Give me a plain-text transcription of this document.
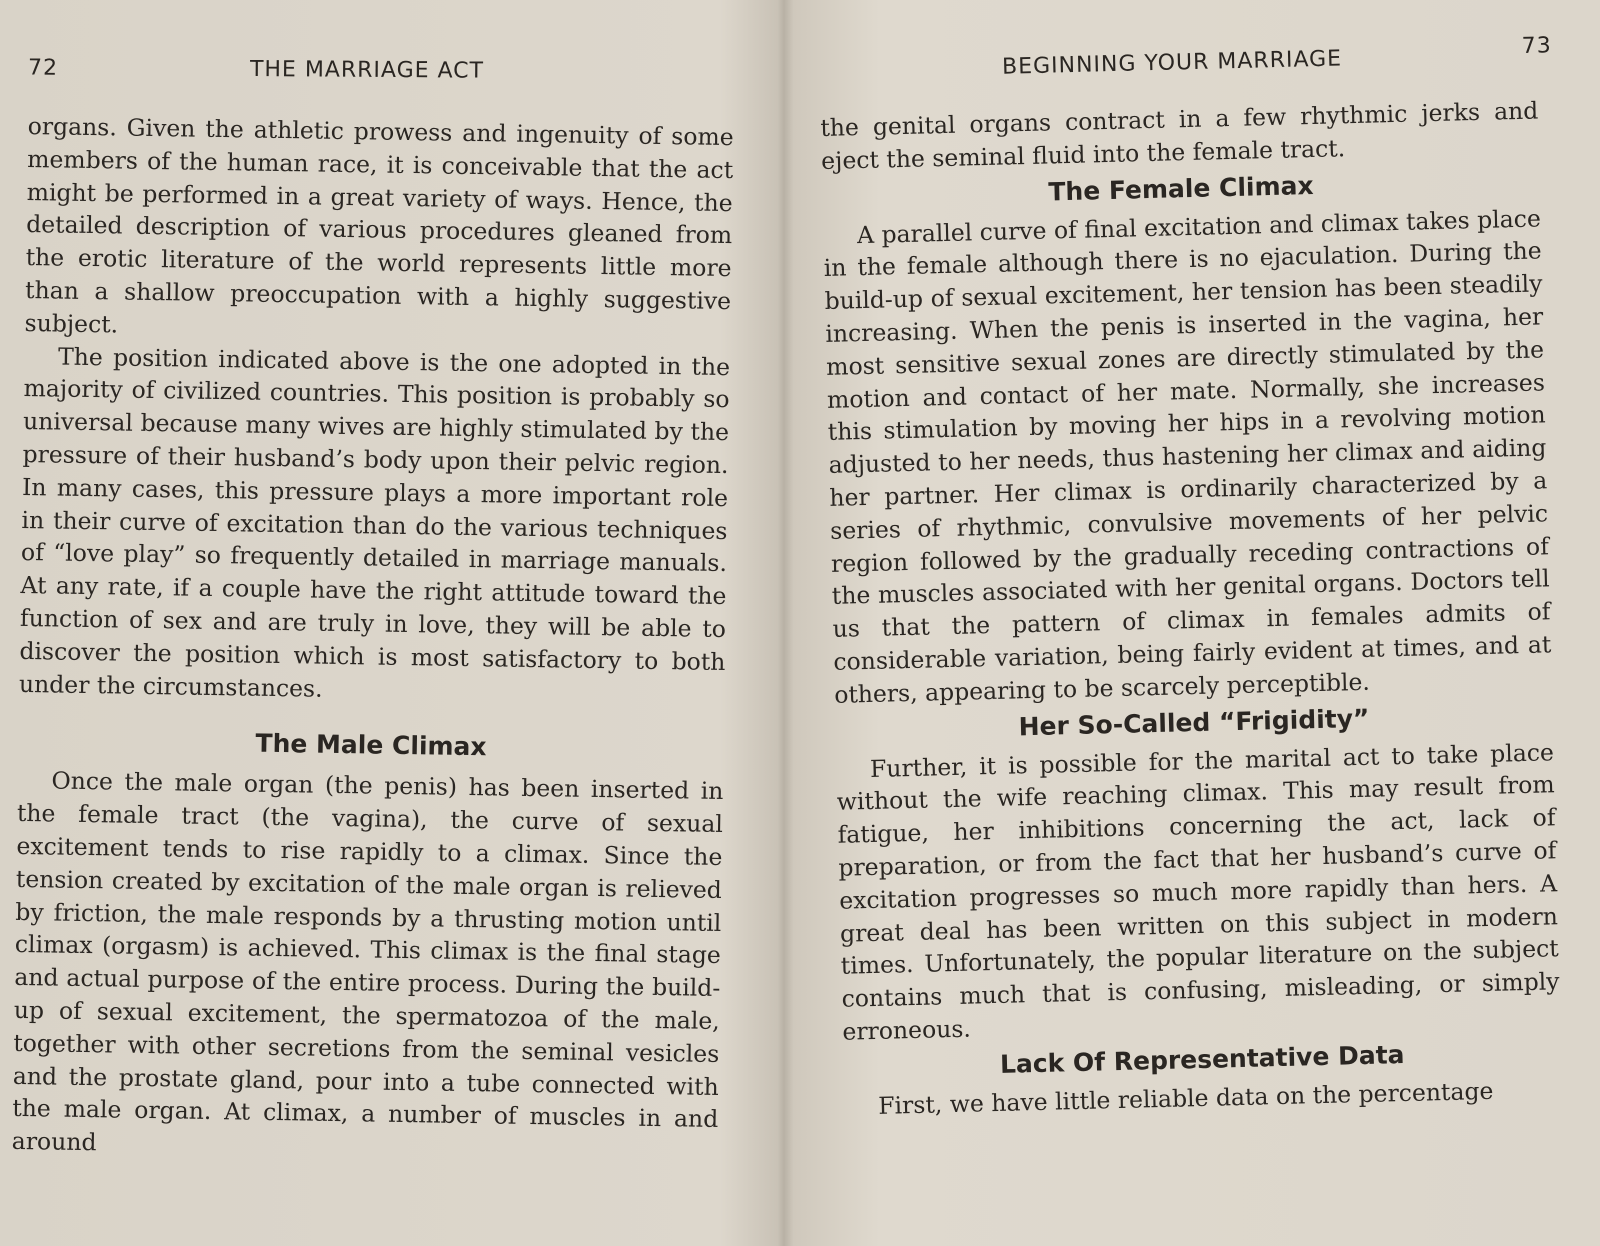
72	THE MARRIAGE ACT

organs. Given the athletic prowess and ingenuity of some members of the human race, it is conceivable that the act might be performed in a great variety of ways. Hence, the detailed description of various procedures gleaned from the erotic literature of the world represents little more than a shallow preoccupation with a highly suggestive subject.

The position indicated above is the one adopted in the majority of civilized countries. This position is probably so universal because many wives are highly stimulated by the pressure of their husband’s body upon their pelvic region. In many cases, this pressure plays a more important role in their curve of excitation than do the various techniques of “love play” so frequently detailed in marriage manuals. At any rate, if a couple have the right attitude toward the function of sex and are truly in love, they will be able to discover the position which is most satisfactory to both under the circumstances.

The Male Climax

Once the male organ (the penis) has been inserted in the female tract (the vagina), the curve of sexual excitement tends to rise rapidly to a climax. Since the tension created by excitation of the male organ is relieved by friction, the male responds by a thrusting motion until climax (orgasm) is achieved. This climax is the final stage and actual purpose of the entire process. During the build-up of sexual excitement, the spermatozoa of the male, together with other secretions from the seminal vesicles and the prostate gland, pour into a tube connected with the male organ. At climax, a number of muscles in and around

BEGINNING YOUR MARRIAGE
73

the genital organs contract in a few rhythmic jerks and eject the seminal fluid into the female tract.

The Female Climax

A parallel curve of final excitation and climax takes place in the female although there is no ejaculation. During the build-up of sexual excitement, her tension has been steadily increasing. When the penis is inserted in the vagina, her most sensitive sexual zones are directly stimulated by the motion and contact of her mate. Normally, she increases this stimulation by moving her hips in a revolving motion adjusted to her needs, thus hastening her climax and aiding her partner. Her climax is ordinarily characterized by a series of rhythmic, convulsive movements of her pelvic region followed by the gradually receding contractions of the muscles associated with her genital organs. Doctors tell us that the pattern of climax in females admits of considerable variation, being fairly evident at times, and at others, appearing to be scarcely perceptible.

Her So-Called “Frigidity”

Further, it is possible for the marital act to take place without the wife reaching climax. This may result from fatigue, her inhibitions concerning the act, lack of preparation, or from the fact that her husband’s curve of excitation progresses so much more rapidly than hers. A great deal has been written on this subject in modern times. Unfortunately, the popular literature on the subject contains much that is confusing, misleading, or simply erroneous.

Lack Of Representative Data

First, we have little reliable data on the percentage
